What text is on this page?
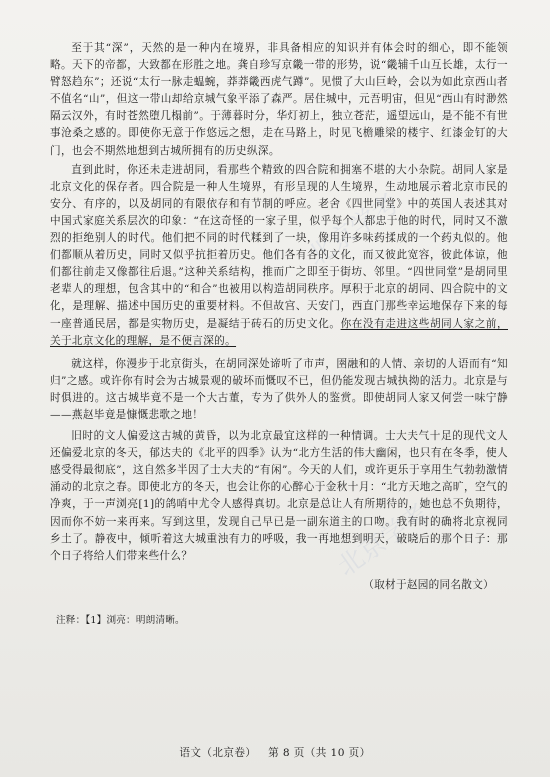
北京学考
北京学考

至于其“深”，天然的是一种内在境界，非具备相应的知识并有体会时的细心，即不能领略。天下的帝都，大致都在形胜之地。龚自珍写京畿一带的形势，说“畿辅千山互长雄，太行一臂怒趋东”；还说“太行一脉走蝹蜿，莽莽畿西虎气蹲”。见惯了大山巨岭，会以为如此京西山者不值名“山”，但这一带山却给京城气象平添了森严。居住城中，元吾明宙，但见“西山有时渺然隔云汉外，有时苍然堕几榻前”。于薄暮时分，华灯初上，独立苍茫，遥望远山，是不能不有世事沧桑之感的。即使你无意于作悠远之想，走在马路上，时见飞檐雕梁的楼宇、红漆金钉的大门，也会不期然地想到古城所拥有的历史纵深。

直到此时，你还未走进胡同，看那些个精致的四合院和拥塞不堪的大小杂院。胡同人家是北京文化的保存者。四合院是一种人生境界，有形呈现的人生境界，生动地展示着北京市民的安分、有序的，以及胡同的有限依存和有节制的呼应。老舍《四世同堂》中的英国人表述其对中国式家庭关系层次的印象：“在这奇怪的一家子里，似乎每个人都忠于他的时代，同时又不激烈的拒绝别人的时代。他们把不同的时代糅到了一块，像用许多味药揉成的一个药丸似的。他们都顺从着历史，同时又似乎抗拒着历史。他们各有各的文化，而又彼此宽容，彼此体谅，他们都往前走又像都往后退。”这种关系结构，推而广之即至于街坊、邻里。“四世同堂”是胡同里老辈人的理想，包含其中的“和合”也被用以构造胡同秩序。厚积于北京的胡同、四合院中的文化，是理解、描述中国历史的重要材料。不但故宫、天安门，西直门那些幸运地保存下来的每一座普通民居，都是实物历史，是凝结于砖石的历史文化。你在没有走进这些胡同人家之前，关于北京文化的理解，是不便言深的。

就这样，你漫步于北京街头，在胡同深处谛听了市声，圉融和的人情、亲切的人语而有“知归”之感。或许你有时会为古城景观的破坏而慨叹不已，但仍能发现古城执拗的活力。北京是与时俱进的。这古城毕竟不是一个大古董，专为了供外人的鉴赏。即使胡同人家又何尝一味宁静——燕赵毕竟是慷慨悲歌之地！

旧时的文人偏爱这古城的黄昏，以为北京最宜这样的一种情调。士大夫气十足的现代文人还偏爱北京的冬天，郁达夫的《北平的四季》认为“北方生活的伟大幽闲，也只有在冬季，使人感受得最彻底”，这自然多半因了士大夫的“有闲”。今天的人们，或许更乐于享用生气勃勃激情涌动的北京之春。即使北方的冬天，也会让你的心醉心于金秋十月：“北方天地之高旷，空气的净爽，于一声浏亮[1]的鸽哨中尤令人感得真切。北京是总让人有所期待的，她也总不负期待，因而你不妨一来再来。写到这里，发现自己早已是一副东道主的口吻。我有时的确将北京视同乡土了。静夜中，倾听着这大城重浊有力的呼吸，我一再地想到明天，破晓后的那个日子：那个日子将给人们带来些什么？

（取材于赵园的同名散文）
注释：【1】浏亮：明朗清晰。
语文（北京卷） 第 8 页（共 10 页）
